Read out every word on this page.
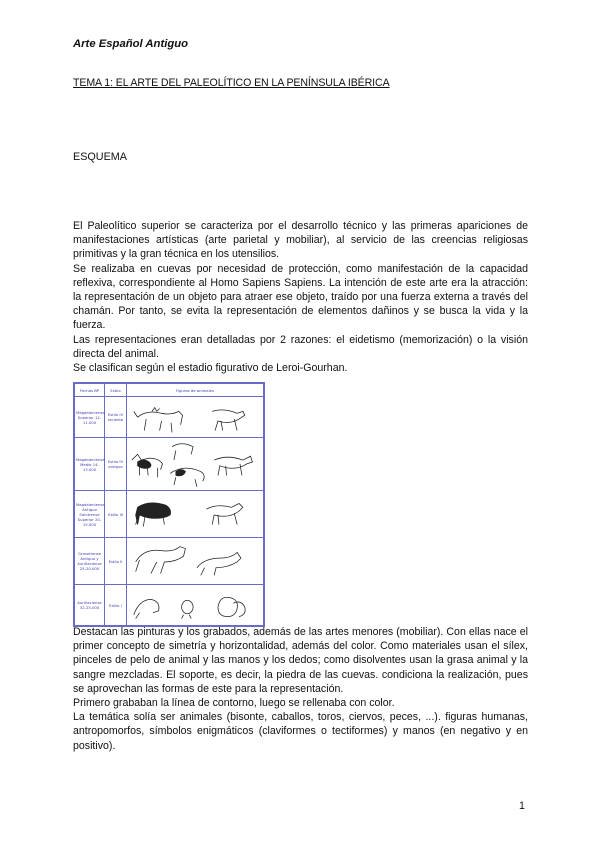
Arte Español Antiguo
TEMA 1: EL ARTE DEL PALEOLÍTICO EN LA PENÍNSULA IBÉRICA
ESQUEMA

El Paleolítico superior se caracteriza por el desarrollo técnico y las primeras apariciones de manifestaciones artísticas (arte parietal y mobiliar), al servicio de las creencias religiosas primitivas y la gran técnica en los utensilios.

Se realizaba en cuevas por necesidad de protección, como manifestación de la capacidad reflexiva, correspondiente al Homo Sapiens Sapiens. La intención de este arte era la atracción: la representación de un objeto para atraer ese objeto, traído por una fuerza externa a través del chamán. Por tanto, se evita la representación de elementos dañinos y se busca la vida y la fuerza.

Las representaciones eran detalladas por 2 razones: el eidetismo (memorización) o la visión directa del animal.

Se clasifican según el estadio figurativo de Leroi-Gourhan.

Fechas BP	Estilo	Figuras de animales
Magdaleniense Superior 12-11.000	Estilo IV reciente	

Magdaleniense Medio 14-13.000	Estilo IV antiguo	

Magdaleniense Antiguo Solutrense Superior 20-15.000	Estilo III	

Gravetiense Antiguo y Auriñaciense 25-20.000	Estilo II	

Auriñaciense 32-25.000	Estilo I	

Destacan las pinturas y los grabados, además de las artes menores (mobiliar). Con ellas nace el primer concepto de simetría y horizontalidad, además del color. Como materiales usan el sílex, pinceles de pelo de animal y las manos y los dedos; como disolventes usan la grasa animal y la sangre mezcladas. El soporte, es decir, la piedra de las cuevas. condiciona la realización, pues se aprovechan las formas de este para la representación.

Primero grababan la línea de contorno, luego se rellenaba con color.

La temática solía ser animales (bisonte, caballos, toros, ciervos, peces, ...). figuras humanas, antropomorfos, símbolos enigmáticos (claviformes o tectiformes) y manos (en negativo y en positivo).

1
